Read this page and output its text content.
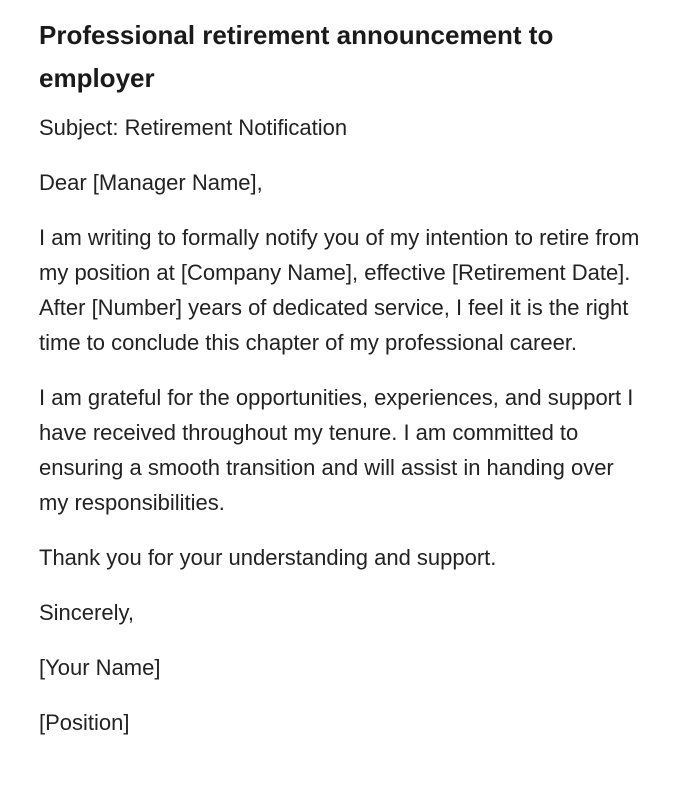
Professional retirement announcement to employer

Subject: Retirement Notification

Dear [Manager Name],

I am writing to formally notify you of my intention to retire from my position at [Company Name], effective [Retirement Date]. After [Number] years of dedicated service, I feel it is the right time to conclude this chapter of my professional career.

I am grateful for the opportunities, experiences, and support I have received throughout my tenure. I am committed to ensuring a smooth transition and will assist in handing over my responsibilities.

Thank you for your understanding and support.

Sincerely,

[Your Name]

[Position]
